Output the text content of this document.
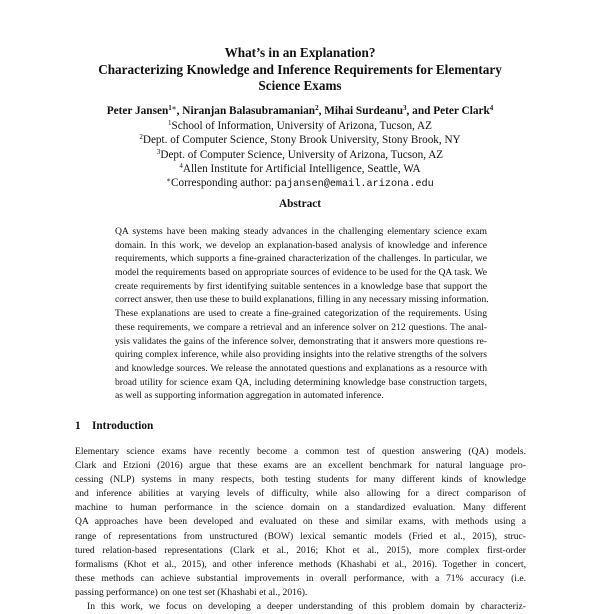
What’s in an Explanation?
Characterizing Knowledge and Inference Requirements for Elementary
Science Exams
Peter Jansen$^{1∗}$, Niranjan Balasubramanian$^2$, Mihai Surdeanu$^3$, and Peter Clark$^4$
$^1$School of Information, University of Arizona, Tucson, AZ
$^2$Dept. of Computer Science, Stony Brook University, Stony Brook, NY
$^3$Dept. of Computer Science, University of Arizona, Tucson, AZ
$^4$Allen Institute for Artificial Intelligence, Seattle, WA
∗Corresponding author: pajansen@email.arizona.edu
Abstract
QA systems have been making steady advances in the challenging elementary science exam
domain. In this work, we develop an explanation-based analysis of knowledge and inference
requirements, which supports a fine-grained characterization of the challenges. In particular, we
model the requirements based on appropriate sources of evidence to be used for the QA task. We
create requirements by first identifying suitable sentences in a knowledge base that support the
correct answer, then use these to build explanations, filling in any necessary missing information.
These explanations are used to create a fine-grained categorization of the requirements. Using
these requirements, we compare a retrieval and an inference solver on 212 questions. The anal-
ysis validates the gains of the inference solver, demonstrating that it answers more questions re-
quiring complex inference, while also providing insights into the relative strengths of the solvers
and knowledge sources. We release the annotated questions and explanations as a resource with
broad utility for science exam QA, including determining knowledge base construction targets,
as well as supporting information aggregation in automated inference.
1 Introduction
Elementary science exams have recently become a common test of question answering (QA) models.
Clark and Etzioni (2016) argue that these exams are an excellent benchmark for natural language pro-
cessing (NLP) systems in many respects, both testing students for many different kinds of knowledge
and inference abilities at varying levels of difficulty, while also allowing for a direct comparison of
machine to human performance in the science domain on a standardized evaluation. Many different
QA approaches have been developed and evaluated on these and similar exams, with methods using a
range of representations from unstructured (BOW) lexical semantic models (Fried et al., 2015), struc-
tured relation-based representations (Clark et al., 2016; Khot et al., 2015), more complex first-order
formalisms (Khot et al., 2015), and other inference methods (Khashabi et al., 2016). Together in concert,
these methods can achieve substantial improvements in overall performance, with a 71% accuracy (i.e.
passing performance) on one test set (Khashabi et al., 2016).
In this work, we focus on developing a deeper understanding of this problem domain by characteriz-
